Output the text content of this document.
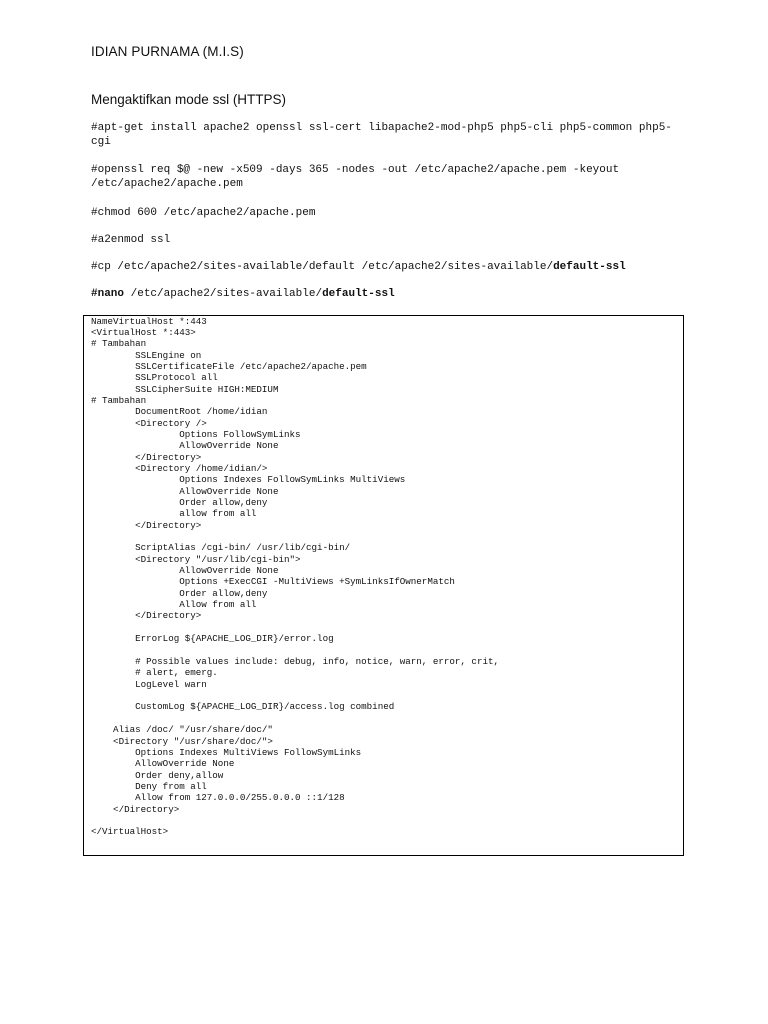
IDIAN PURNAMA (M.I.S)
Mengaktifkan mode ssl (HTTPS)
#apt-get install apache2 openssl ssl-cert libapache2-mod-php5 php5-cli php5-common php5-cgi
#openssl req $@ -new -x509 -days 365 -nodes -out /etc/apache2/apache.pem -keyout /etc/apache2/apache.pem
#chmod 600 /etc/apache2/apache.pem
#a2enmod ssl
#cp /etc/apache2/sites-available/default /etc/apache2/sites-available/default-ssl
#nano /etc/apache2/sites-available/default-ssl
NameVirtualHost *:443
<VirtualHost *:443>
# Tambahan
SSLEngine on
SSLCertificateFile /etc/apache2/apache.pem
SSLProtocol all
SSLCipherSuite HIGH:MEDIUM
# Tambahan
DocumentRoot /home/idian
<Directory />
Options FollowSymLinks
AllowOverride None
</Directory>
<Directory /home/idian/>
Options Indexes FollowSymLinks MultiViews
AllowOverride None
Order allow,deny
allow from all
</Directory>
ScriptAlias /cgi-bin/ /usr/lib/cgi-bin/
<Directory "/usr/lib/cgi-bin">
AllowOverride None
Options +ExecCGI -MultiViews +SymLinksIfOwnerMatch
Order allow,deny
Allow from all
</Directory>
ErrorLog ${APACHE_LOG_DIR}/error.log
# Possible values include: debug, info, notice, warn, error, crit,
# alert, emerg.
LogLevel warn
CustomLog ${APACHE_LOG_DIR}/access.log combined
Alias /doc/ "/usr/share/doc/"
<Directory "/usr/share/doc/">
Options Indexes MultiViews FollowSymLinks
AllowOverride None
Order deny,allow
Deny from all
Allow from 127.0.0.0/255.0.0.0 ::1/128
</Directory>
</VirtualHost>
